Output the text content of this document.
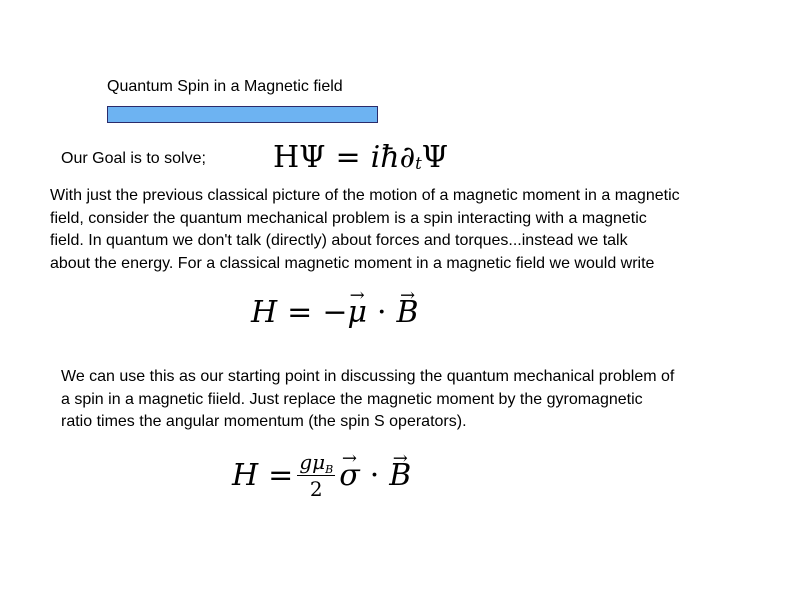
Quantum Spin in a Magnetic field
Our Goal is to solve; HΨ = i ħ ∂ t Ψ
With just the previous classical picture of the motion of a magnetic moment in a magnetic
field, consider the quantum mechanical problem is a spin interacting with a magnetic
field. In quantum we don't talk (directly) about forces and torques...instead we talk
about the energy. For a classical magnetic moment in a magnetic field we would write
H = −
→ μ ·
→ B
We can use this as our starting point in discussing the quantum mechanical problem of
a spin in a magnetic fiield. Just replace the magnetic moment by the gyromagnetic
ratio times the angular momentum (the spin S operators).
$H = \frac{\text{gμB}}{2}$
→ σ ·
→ B
